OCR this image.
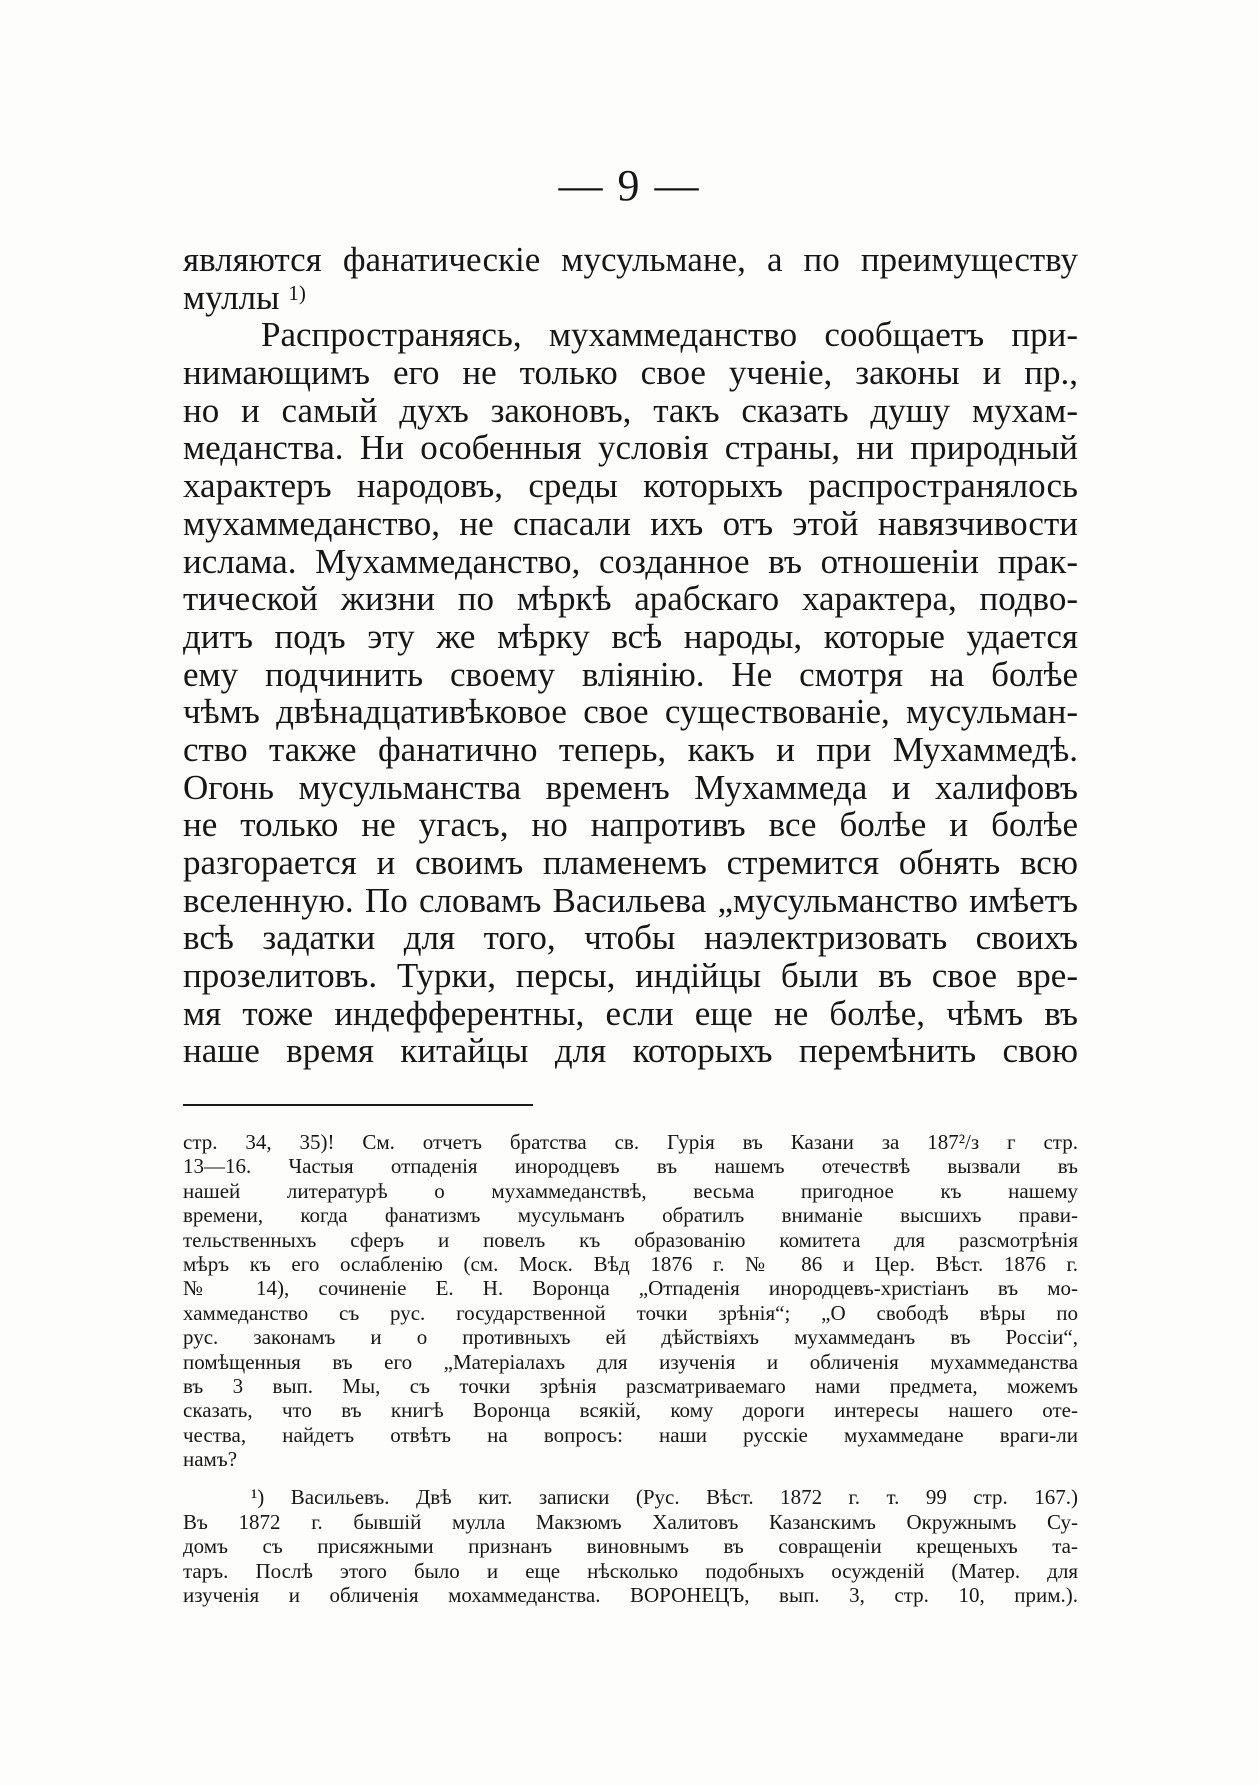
— 9 —
являются фанатическіе мусульмане, а по преимуществу
муллы $^{1)}$
Распространяясь, мухаммеданство сообщаетъ при-
нимающимъ его не только свое ученіе, законы и пр.,
но и самый духъ законовъ, такъ сказать душу мухам-
меданства. Ни особенныя условія страны, ни природный
характеръ народовъ, среды которыхъ распространялось
мухаммеданство, не спасали ихъ отъ этой навязчивости
ислама. Мухаммеданство, созданное въ отношеніи прак-
тической жизни по мѣркѣ арабскаго характера, подво-
дитъ подъ эту же мѣрку всѣ народы, которые удается
ему подчинить своему вліянію. Не смотря на болѣе
чѣмъ двѣнадцативѣковое свое существованіе, мусульман-
ство также фанатично теперь, какъ и при Мухаммедѣ.
Огонь мусульманства временъ Мухаммеда и халифовъ
не только не угасъ, но напротивъ все болѣе и болѣе
разгорается и своимъ пламенемъ стремится обнять всю
вселенную. По словамъ Васильева „мусульманство имѣетъ
всѣ задатки для того, чтобы наэлектризовать своихъ
прозелитовъ. Турки, персы, индійцы были въ свое вре-
мя тоже индефферентны, если еще не болѣе, чѣмъ въ
наше время китайцы для которыхъ перемѣнить свою
стр. 34, 35)! См. отчетъ братства св. Гурія въ Казани за 187²/з г стр.
13—16. Частыя отпаденія инородцевъ въ нашемъ отечествѣ вызвали въ
нашей литературѣ о мухаммеданствѣ, весьма пригодное къ нашему
времени, когда фанатизмъ мусульманъ обратилъ вниманіе высшихъ прави-
тельственныхъ сферъ и повелъ къ образованію комитета для разсмотрѣнія
мѣръ къ его ослабленію (см. Моск. Вѣд 1876 г. № 86 и Цер. Вѣст. 1876 г.
№ 14), сочиненіе Е. Н. Воронца „Отпаденія инородцевъ-христіанъ въ мо-
хаммеданство съ рус. государственной точки зрѣнія“; „О свободѣ вѣры по
рус. законамъ и о противныхъ ей дѣйствіяхъ мухаммеданъ въ Россіи“,
помѣщенныя въ его „Матеріалахъ для изученія и обличенія мухаммеданства
въ 3 вып. Мы, съ точки зрѣнія разсматриваемаго нами предмета, можемъ
сказать, что въ книгѣ Воронца всякій, кому дороги интересы нашего оте-
чества, найдетъ отвѣтъ на вопросъ: наши русскіе мухаммедане враги-ли
намъ?
¹) Васильевъ. Двѣ кит. записки (Рус. Вѣст. 1872 г. т. 99 стр. 167.)
Въ 1872 г. бывшій мулла Макзюмъ Халитовъ Казанскимъ Окружнымъ Су-
домъ съ присяжными признанъ виновнымъ въ совращеніи крещеныхъ та-
таръ. Послѣ этого было и еще нѣсколько подобныхъ осужденій (Матер. для
изученія и обличенія мохаммеданства. ВОРОНЕЦЪ, вып. 3, стр. 10, прим.).
